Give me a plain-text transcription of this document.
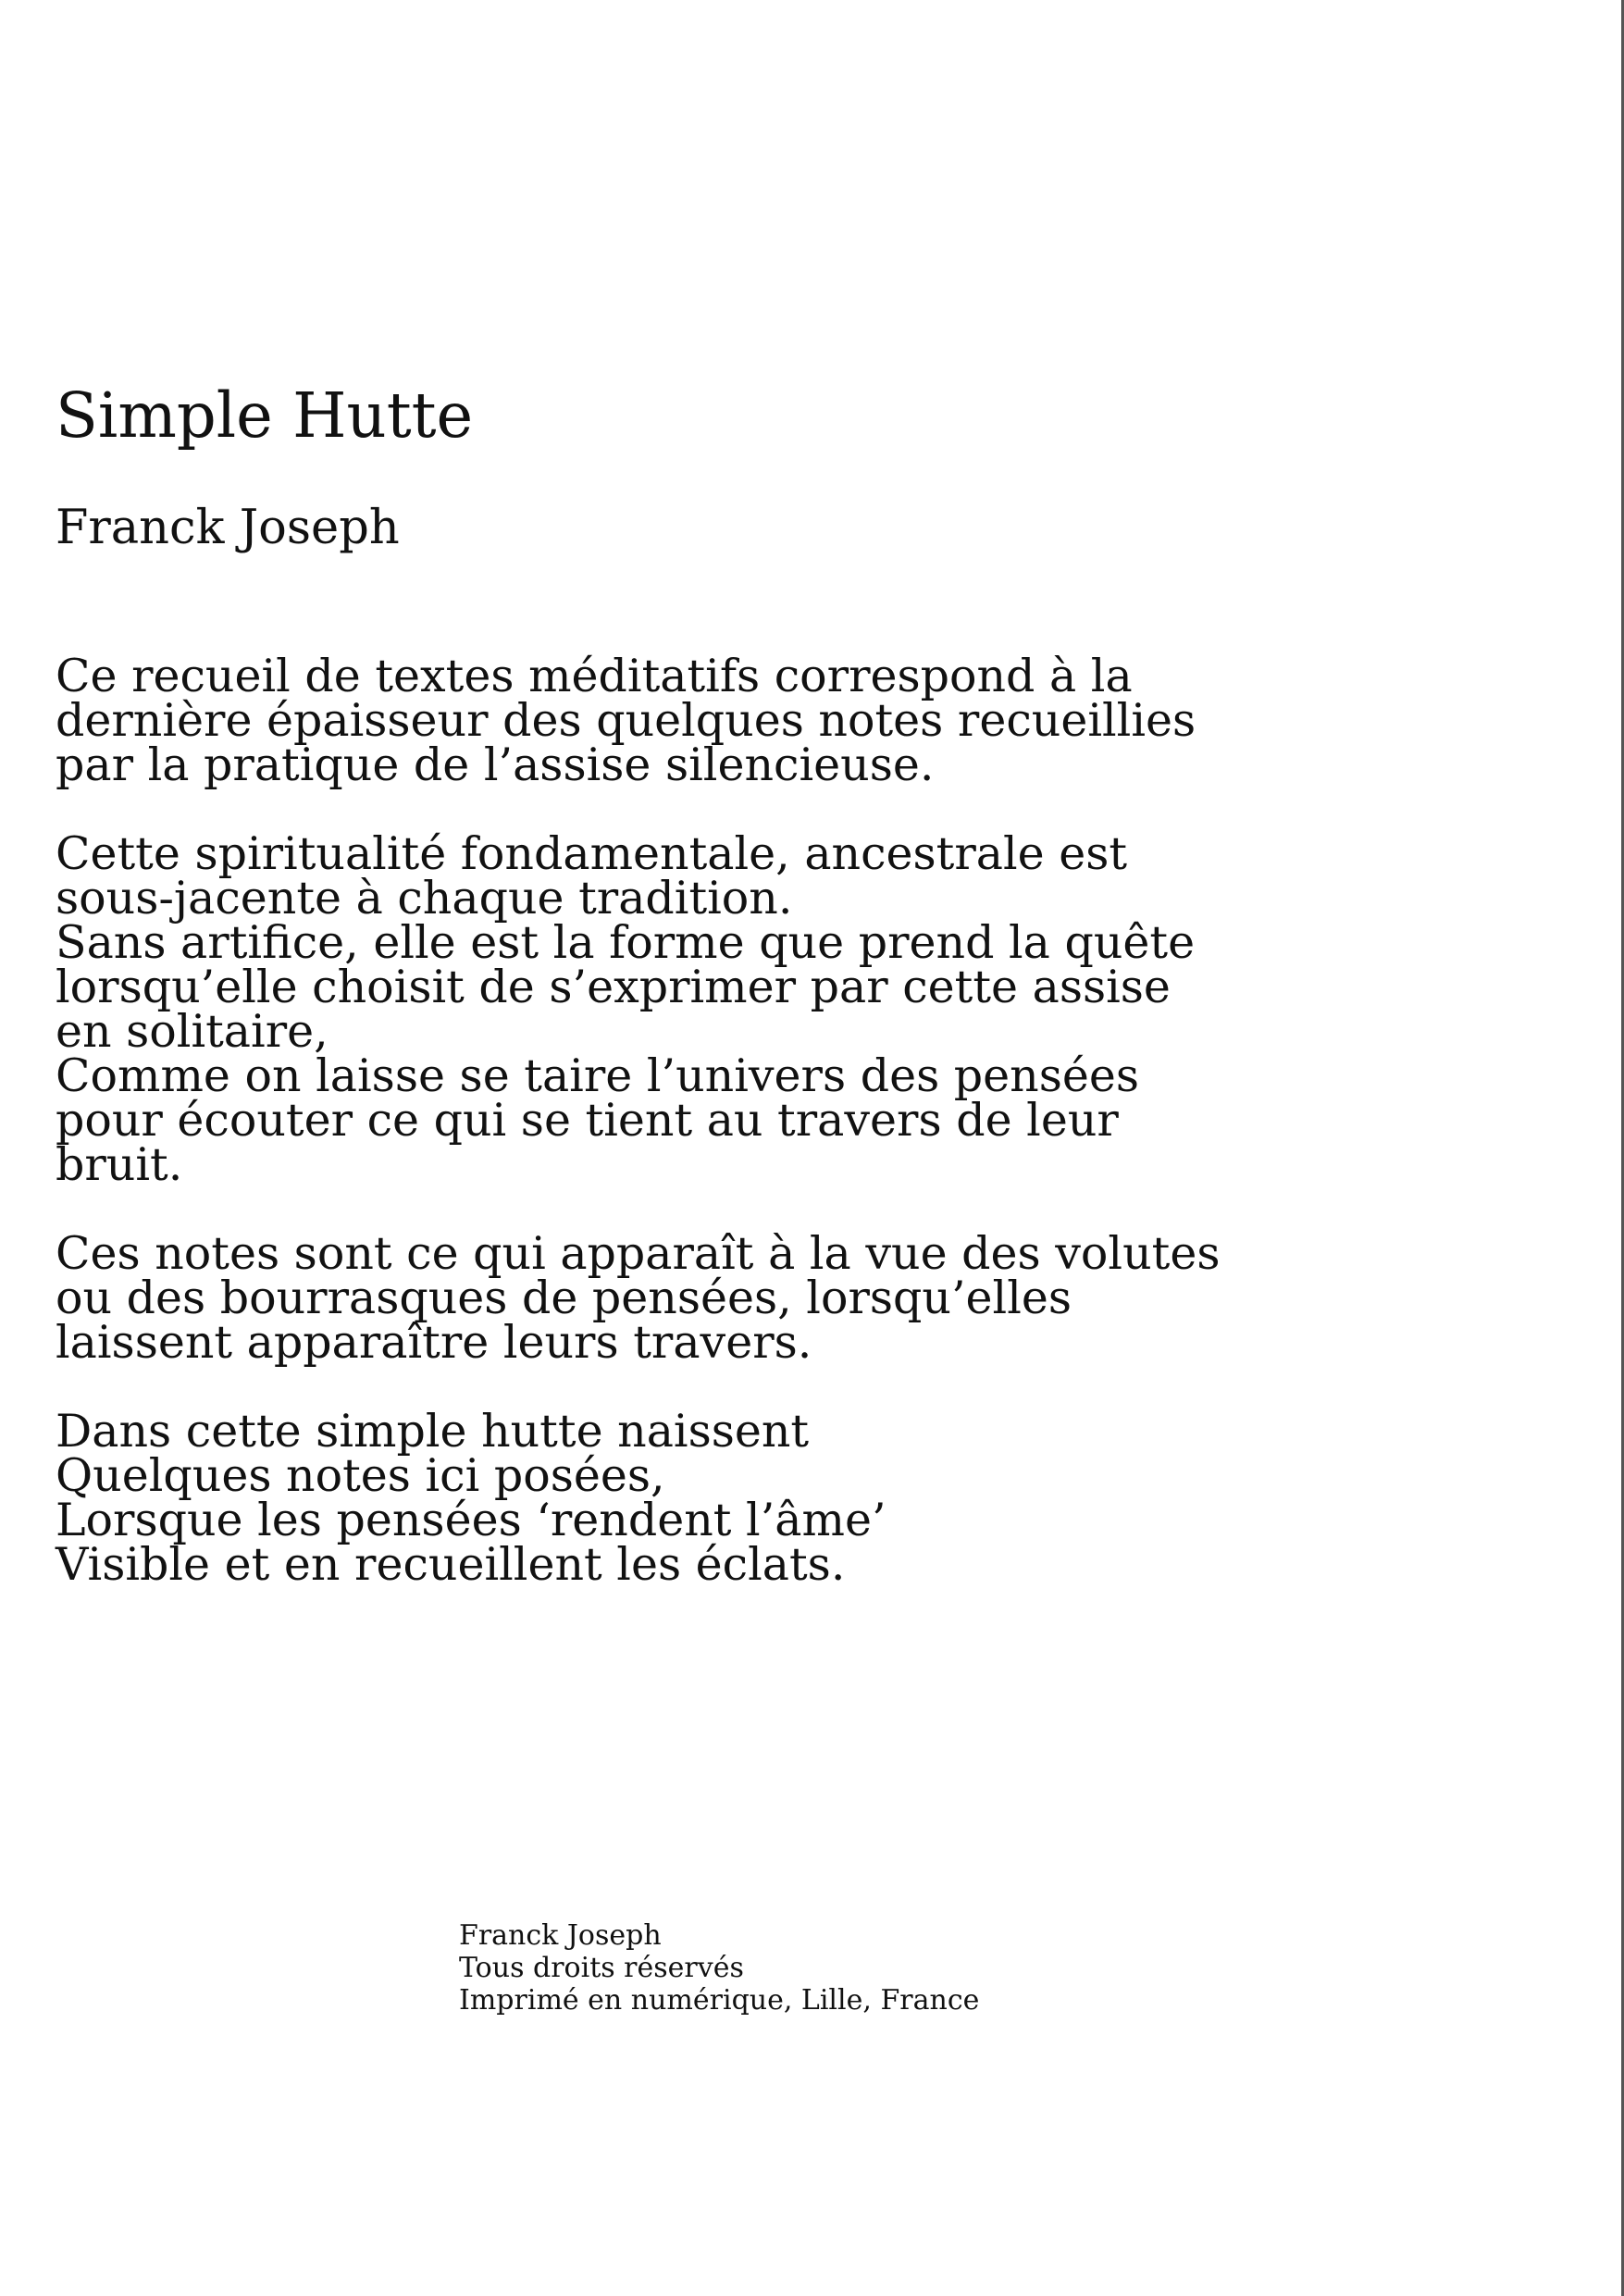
Simple Hutte

Franck Joseph

Ce recueil de textes méditatifs correspond à la
dernière épaisseur des quelques notes recueillies
par la pratique de l’assise silencieuse.

Cette spiritualité fondamentale, ancestrale est
sous-jacente à chaque tradition.
Sans artifice, elle est la forme que prend la quête
lorsqu’elle choisit de s’exprimer par cette assise
en solitaire,
Comme on laisse se taire l’univers des pensées
pour écouter ce qui se tient au travers de leur
bruit.

Ces notes sont ce qui apparaît à la vue des volutes
ou des bourrasques de pensées, lorsqu’elles
laissent apparaître leurs travers.

Dans cette simple hutte naissent
Quelques notes ici posées,
Lorsque les pensées ‘rendent l’âme’
Visible et en recueillent les éclats.

Franck Joseph
Tous droits réservés
Imprimé en numérique, Lille, France
